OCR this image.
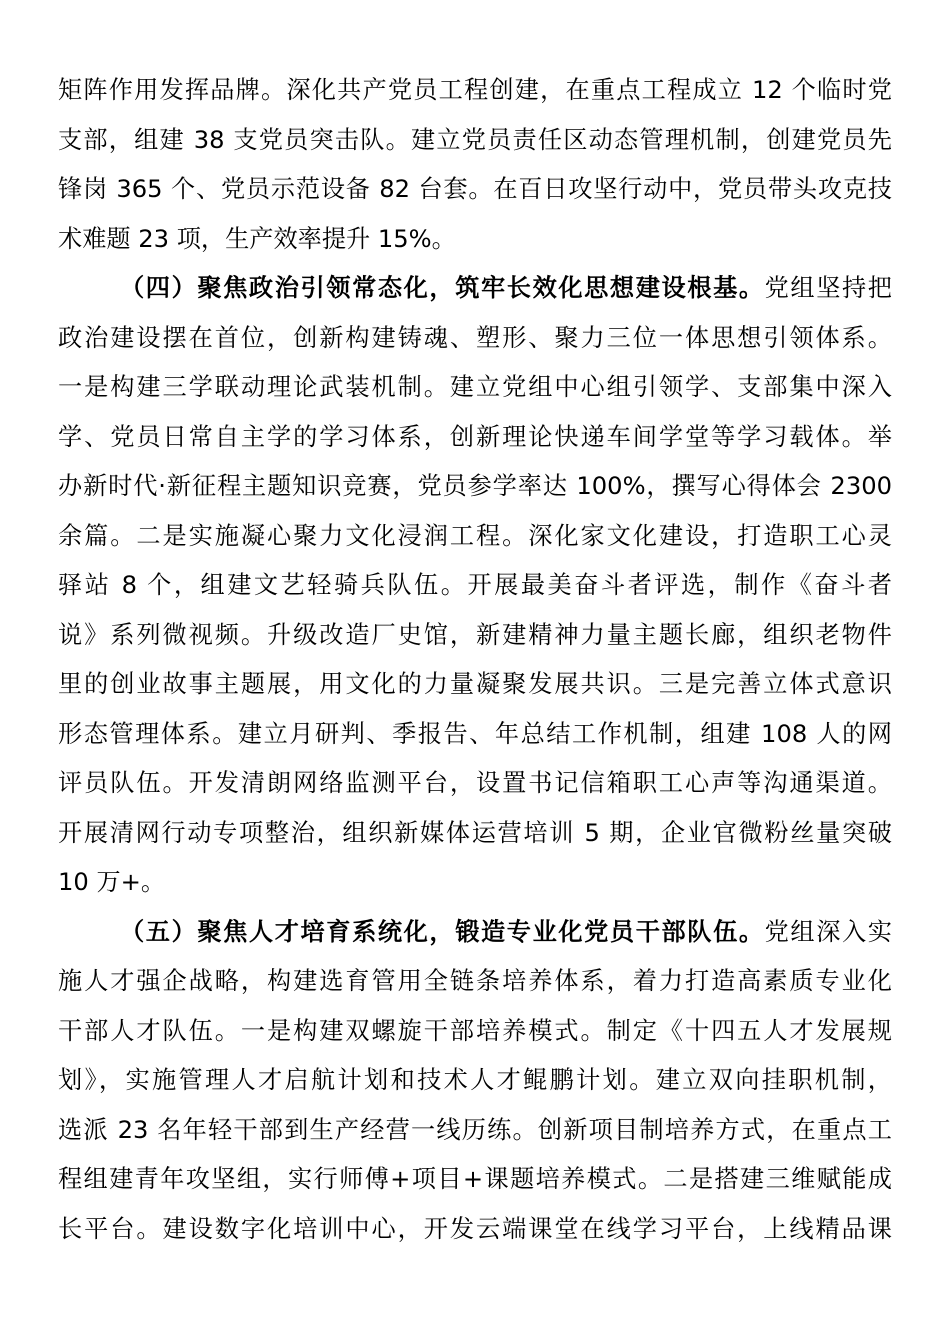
矩阵作用发挥品牌。深化共产党员工程创建，在重点工程成立 12 个临时党
支部，组建 38 支党员突击队。建立党员责任区动态管理机制，创建党员先
锋岗 365 个、党员示范设备 82 台套。在百日攻坚行动中，党员带头攻克技
术难题 23 项，生产效率提升 15%。
（四）聚焦政治引领常态化，筑牢长效化思想建设根基。党组坚持把
政治建设摆在首位，创新构建铸魂、塑形、聚力三位一体思想引领体系。
一是构建三学联动理论武装机制。建立党组中心组引领学、支部集中深入
学、党员日常自主学的学习体系，创新理论快递车间学堂等学习载体。举
办新时代·新征程主题知识竞赛，党员参学率达 100%，撰写心得体会 2300
余篇。二是实施凝心聚力文化浸润工程。深化家文化建设，打造职工心灵
驿站 8 个，组建文艺轻骑兵队伍。开展最美奋斗者评选，制作《奋斗者
说》系列微视频。升级改造厂史馆，新建精神力量主题长廊，组织老物件
里的创业故事主题展，用文化的力量凝聚发展共识。三是完善立体式意识
形态管理体系。建立月研判、季报告、年总结工作机制，组建 108 人的网
评员队伍。开发清朗网络监测平台，设置书记信箱职工心声等沟通渠道。
开展清网行动专项整治，组织新媒体运营培训 5 期，企业官微粉丝量突破
10 万+。
（五）聚焦人才培育系统化，锻造专业化党员干部队伍。党组深入实
施人才强企战略，构建选育管用全链条培养体系，着力打造高素质专业化
干部人才队伍。一是构建双螺旋干部培养模式。制定《十四五人才发展规
划》，实施管理人才启航计划和技术人才鲲鹏计划。建立双向挂职机制，
选派 23 名年轻干部到生产经营一线历练。创新项目制培养方式，在重点工
程组建青年攻坚组，实行师傅+项目+课题培养模式。二是搭建三维赋能成
长平台。建设数字化培训中心，开发云端课堂在线学习平台，上线精品课
